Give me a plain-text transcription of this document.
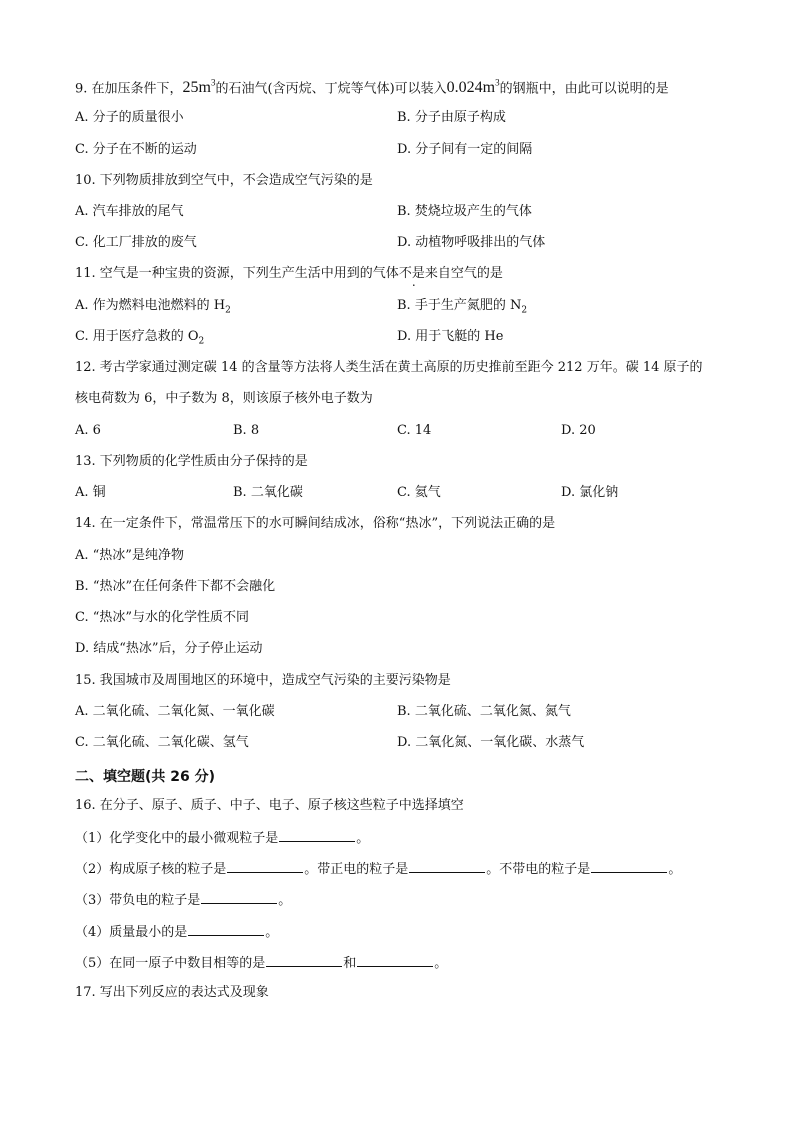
9. 在加压条件下，$25m^3$的石油气(含丙烷、丁烷等气体)可以装入$0.024m^3$的钢瓶中，由此可以说明的是
A. 分子的质量很小	B. 分子由原子构成
C. 分子在不断的运动	D. 分子间有一定的间隔
10. 下列物质排放到空气中，不会造成空气污染的是
A. 汽车排放的尾气	B. 焚烧垃圾产生的气体
C. 化工厂排放的废气	D. 动植物呼吸排出的气体
11. 空气是一种宝贵的资源，下列生产生活中用到的气体不是来自空气的是
A. 作为燃料电池燃料的 $H_2$	B. 手于生产氮肥的 $N_2$
C. 用于医疗急救的 $O_2$	D. 用于飞艇的 He
12. 考古学家通过测定碳 14 的含量等方法将人类生活在黄土高原的历史推前至距今 212 万年。碳 14 原子的
核电荷数为 6，中子数为 8，则该原子核外电子数为
A. 6	B. 8	C. 14	D. 20
13. 下列物质的化学性质由分子保持的是
A. 铜	B. 二氧化碳	C. 氦气	D. 氯化钠
14. 在一定条件下，常温常压下的水可瞬间结成冰，俗称“热冰”，下列说法正确的是
A. “热冰”是纯净物
B. “热冰”在任何条件下都不会融化
C. “热冰”与水的化学性质不同
D. 结成“热冰”后，分子停止运动
15. 我国城市及周围地区的环境中，造成空气污染的主要污染物是
A. 二氧化硫、二氧化氮、一氧化碳	B. 二氧化硫、二氧化氮、氮气
C. 二氧化硫、二氧化碳、氢气	D. 二氧化氮、一氧化碳、水蒸气
二、填空题(共 26 分)
16. 在分子、原子、质子、中子、电子、原子核这些粒子中选择填空
（1）化学变化中的最小微观粒子是	。
（2）构成原子核的粒子是	。带正电的粒子是	。不带电的粒子是	。
（3）带负电的粒子是	。
（4）质量最小的是	。
（5）在同一原子中数目相等的是	和	。
17. 写出下列反应的表达式及现象
